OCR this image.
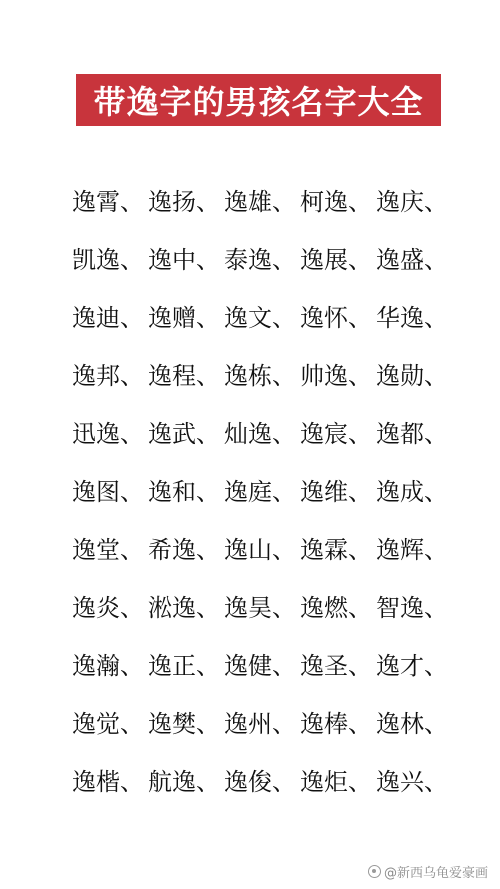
带逸字的男孩名字大全
逸霄、 逸扬、 逸雄、 柯逸、 逸庆、
凯逸、 逸中、 泰逸、 逸展、 逸盛、
逸迪、 逸赠、 逸文、 逸怀、 华逸、
逸邦、 逸程、 逸栋、 帅逸、 逸勋、
迅逸、 逸武、 灿逸、 逸宸、 逸都、
逸图、 逸和、 逸庭、 逸维、 逸成、
逸堂、 希逸、 逸山、 逸霖、 逸辉、
逸炎、 淞逸、 逸昊、 逸燃、 智逸、
逸瀚、 逸正、 逸健、 逸圣、 逸才、
逸觉、 逸樊、 逸州、 逸棒、 逸林、
逸楷、 航逸、 逸俊、 逸炬、 逸兴、
@新西乌龟爱豪画
